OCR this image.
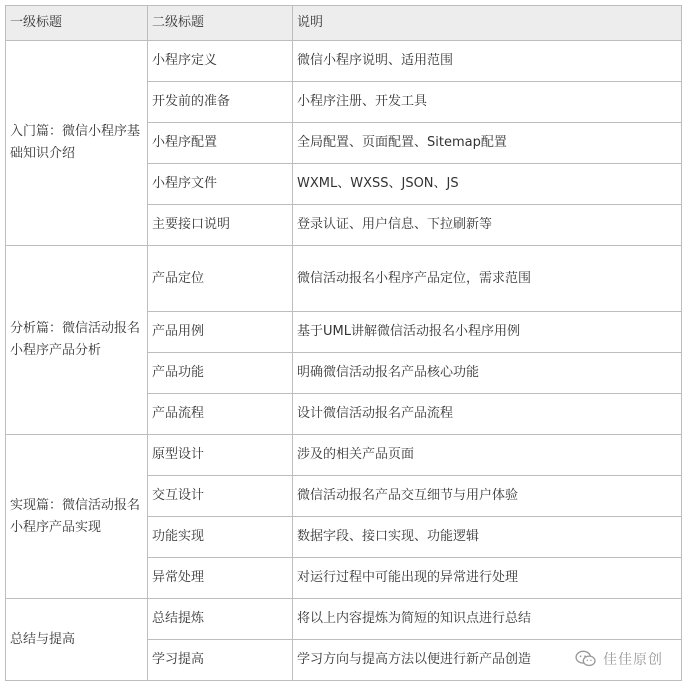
一级标题	二级标题	说明
入门篇：微信小程序基础知识介绍	小程序定义	微信小程序说明、适用范围
	开发前的准备	小程序注册、开发工具
	小程序配置	全局配置、页面配置、Sitemap配置
	小程序文件	WXML、WXSS、JSON、JS
	主要接口说明	登录认证、用户信息、下拉刷新等
分析篇：微信活动报名小程序产品分析	产品定位	微信活动报名小程序产品定位，需求范围
	产品用例	基于UML讲解微信活动报名小程序用例
	产品功能	明确微信活动报名产品核心功能
	产品流程	设计微信活动报名产品流程
实现篇：微信活动报名小程序产品实现	原型设计	涉及的相关产品页面
	交互设计	微信活动报名产品交互细节与用户体验
	功能实现	数据字段、接口实现、功能逻辑
	异常处理	对运行过程中可能出现的异常进行处理
总结与提高	总结提炼	将以上内容提炼为简短的知识点进行总结
	学习提高	学习方向与提高方法以便进行新产品创造	佳佳原创
